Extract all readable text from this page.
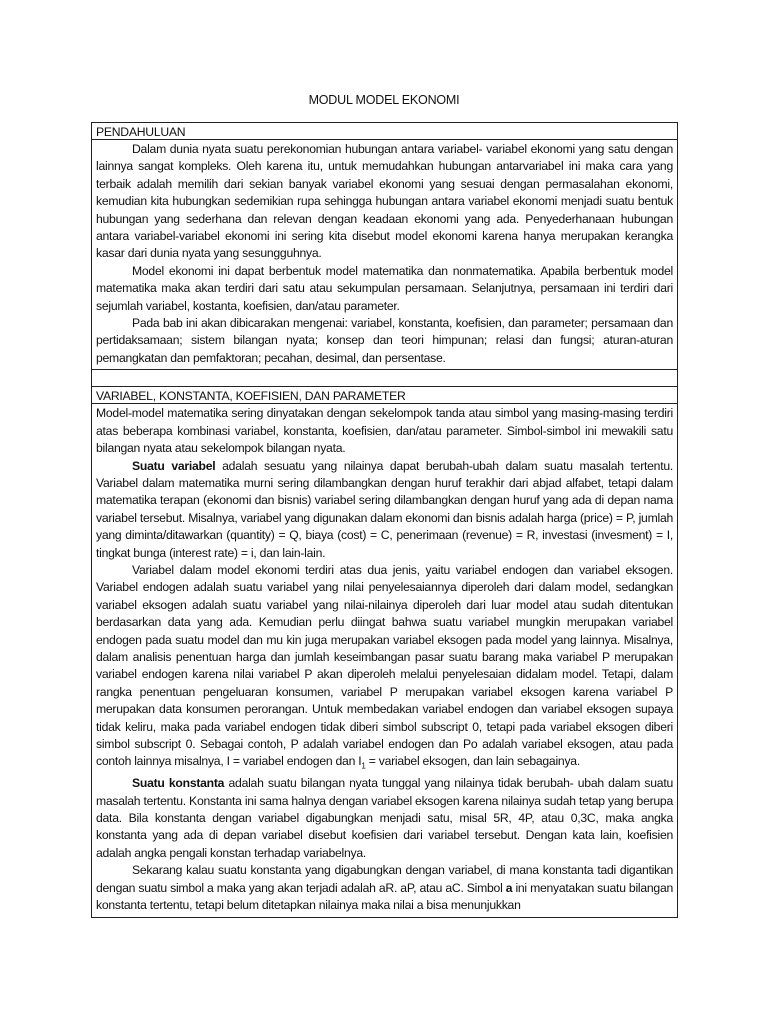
MODUL MODEL EKONOMI
PENDAHULUAN

Dalam dunia nyata suatu perekonomian hubungan antara variabel- variabel ekonomi yang satu dengan lainnya sangat kompleks. Oleh karena itu, untuk memudahkan hubungan antarvariabel ini maka cara yang terbaik adalah memilih dari sekian banyak variabel ekonomi yang sesuai dengan permasalahan ekonomi, kemudian kita hubungkan sedemikian rupa sehingga hubungan antara variabel ekonomi menjadi suatu bentuk hubungan yang sederhana dan relevan dengan keadaan ekonomi yang ada. Penyederhanaan hubungan antara variabel-variabel ekonomi ini sering kita disebut model ekonomi karena hanya merupakan kerangka kasar dari dunia nyata yang sesungguhnya.

Model ekonomi ini dapat berbentuk model matematika dan nonmatematika. Apabila berbentuk model matematika maka akan terdiri dari satu atau sekumpulan persamaan. Selanjutnya, persamaan ini terdiri dari sejumlah variabel, kostanta, koefisien, dan/atau parameter.

Pada bab ini akan dibicarakan mengenai: variabel, konstanta, koefisien, dan parameter; persamaan dan pertidaksamaan; sistem bilangan nyata; konsep dan teori himpunan; relasi dan fungsi; aturan-aturan pemangkatan dan pemfaktoran; pecahan, desimal, dan persentase.

VARIABEL, KONSTANTA, KOEFISIEN, DAN PARAMETER

Model-model matematika sering dinyatakan dengan sekelompok tanda atau simbol yang masing-masing terdiri atas beberapa kombinasi variabel, konstanta, koefisien, dan/atau parameter. Simbol-simbol ini mewakili satu bilangan nyata atau sekelompok bilangan nyata.

Suatu variabel adalah sesuatu yang nilainya dapat berubah-ubah dalam suatu masalah tertentu. Variabel dalam matematika murni sering dilambangkan dengan huruf terakhir dari abjad alfabet, tetapi dalam matematika terapan (ekonomi dan bisnis) variabel sering dilambangkan dengan huruf yang ada di depan nama variabel tersebut. Misalnya, variabel yang digunakan dalam ekonomi dan bisnis adalah harga (price) = P, jumlah yang diminta/ditawarkan (quantity) = Q, biaya (cost) = C, penerimaan (revenue) = R, investasi (invesment) = I, tingkat bunga (interest rate) = i, dan lain-lain.

Variabel dalam model ekonomi terdiri atas dua jenis, yaitu variabel endogen dan variabel eksogen. Variabel endogen adalah suatu variabel yang nilai penyelesaiannya diperoleh dari dalam model, sedangkan variabel eksogen adalah suatu variabel yang nilai-nilainya diperoleh dari luar model atau sudah ditentukan berdasarkan data yang ada. Kemudian perlu diingat bahwa suatu variabel mungkin merupakan variabel endogen pada suatu model dan mu kin juga merupakan variabel eksogen pada model yang lainnya. Misalnya, dalam analisis penentuan harga dan jumlah keseimbangan pasar suatu barang maka variabel P merupakan variabel endogen karena nilai variabel P akan diperoleh melalui penyelesaian didalam model. Tetapi, dalam rangka penentuan pengeluaran konsumen, variabel P merupakan variabel eksogen karena variabel P merupakan data konsumen perorangan. Untuk membedakan variabel endogen dan variabel eksogen supaya tidak keliru, maka pada variabel endogen tidak diberi simbol subscript 0, tetapi pada variabel eksogen diberi simbol subscript 0. Sebagai contoh, P adalah variabel endogen dan Po adalah variabel eksogen, atau pada contoh lainnya misalnya, I = variabel endogen dan $I_1$ = variabel eksogen, dan lain sebagainya.

Suatu konstanta adalah suatu bilangan nyata tunggal yang nilainya tidak berubah- ubah dalam suatu masalah tertentu. Konstanta ini sama halnya dengan variabel eksogen karena nilainya sudah tetap yang berupa data. Bila konstanta dengan variabel digabungkan menjadi satu, misal 5R, 4P, atau 0,3C, maka angka konstanta yang ada di depan variabel disebut koefisien dari variabel tersebut. Dengan kata lain, koefisien adalah angka pengali konstan terhadap variabelnya.

Sekarang kalau suatu konstanta yang digabungkan dengan variabel, di mana konstanta tadi digantikan dengan suatu simbol a maka yang akan terjadi adalah aR. aP, atau aC. Simbol a ini menyatakan suatu bilangan konstanta tertentu, tetapi belum ditetapkan nilainya maka nilai a bisa menunjukkan
